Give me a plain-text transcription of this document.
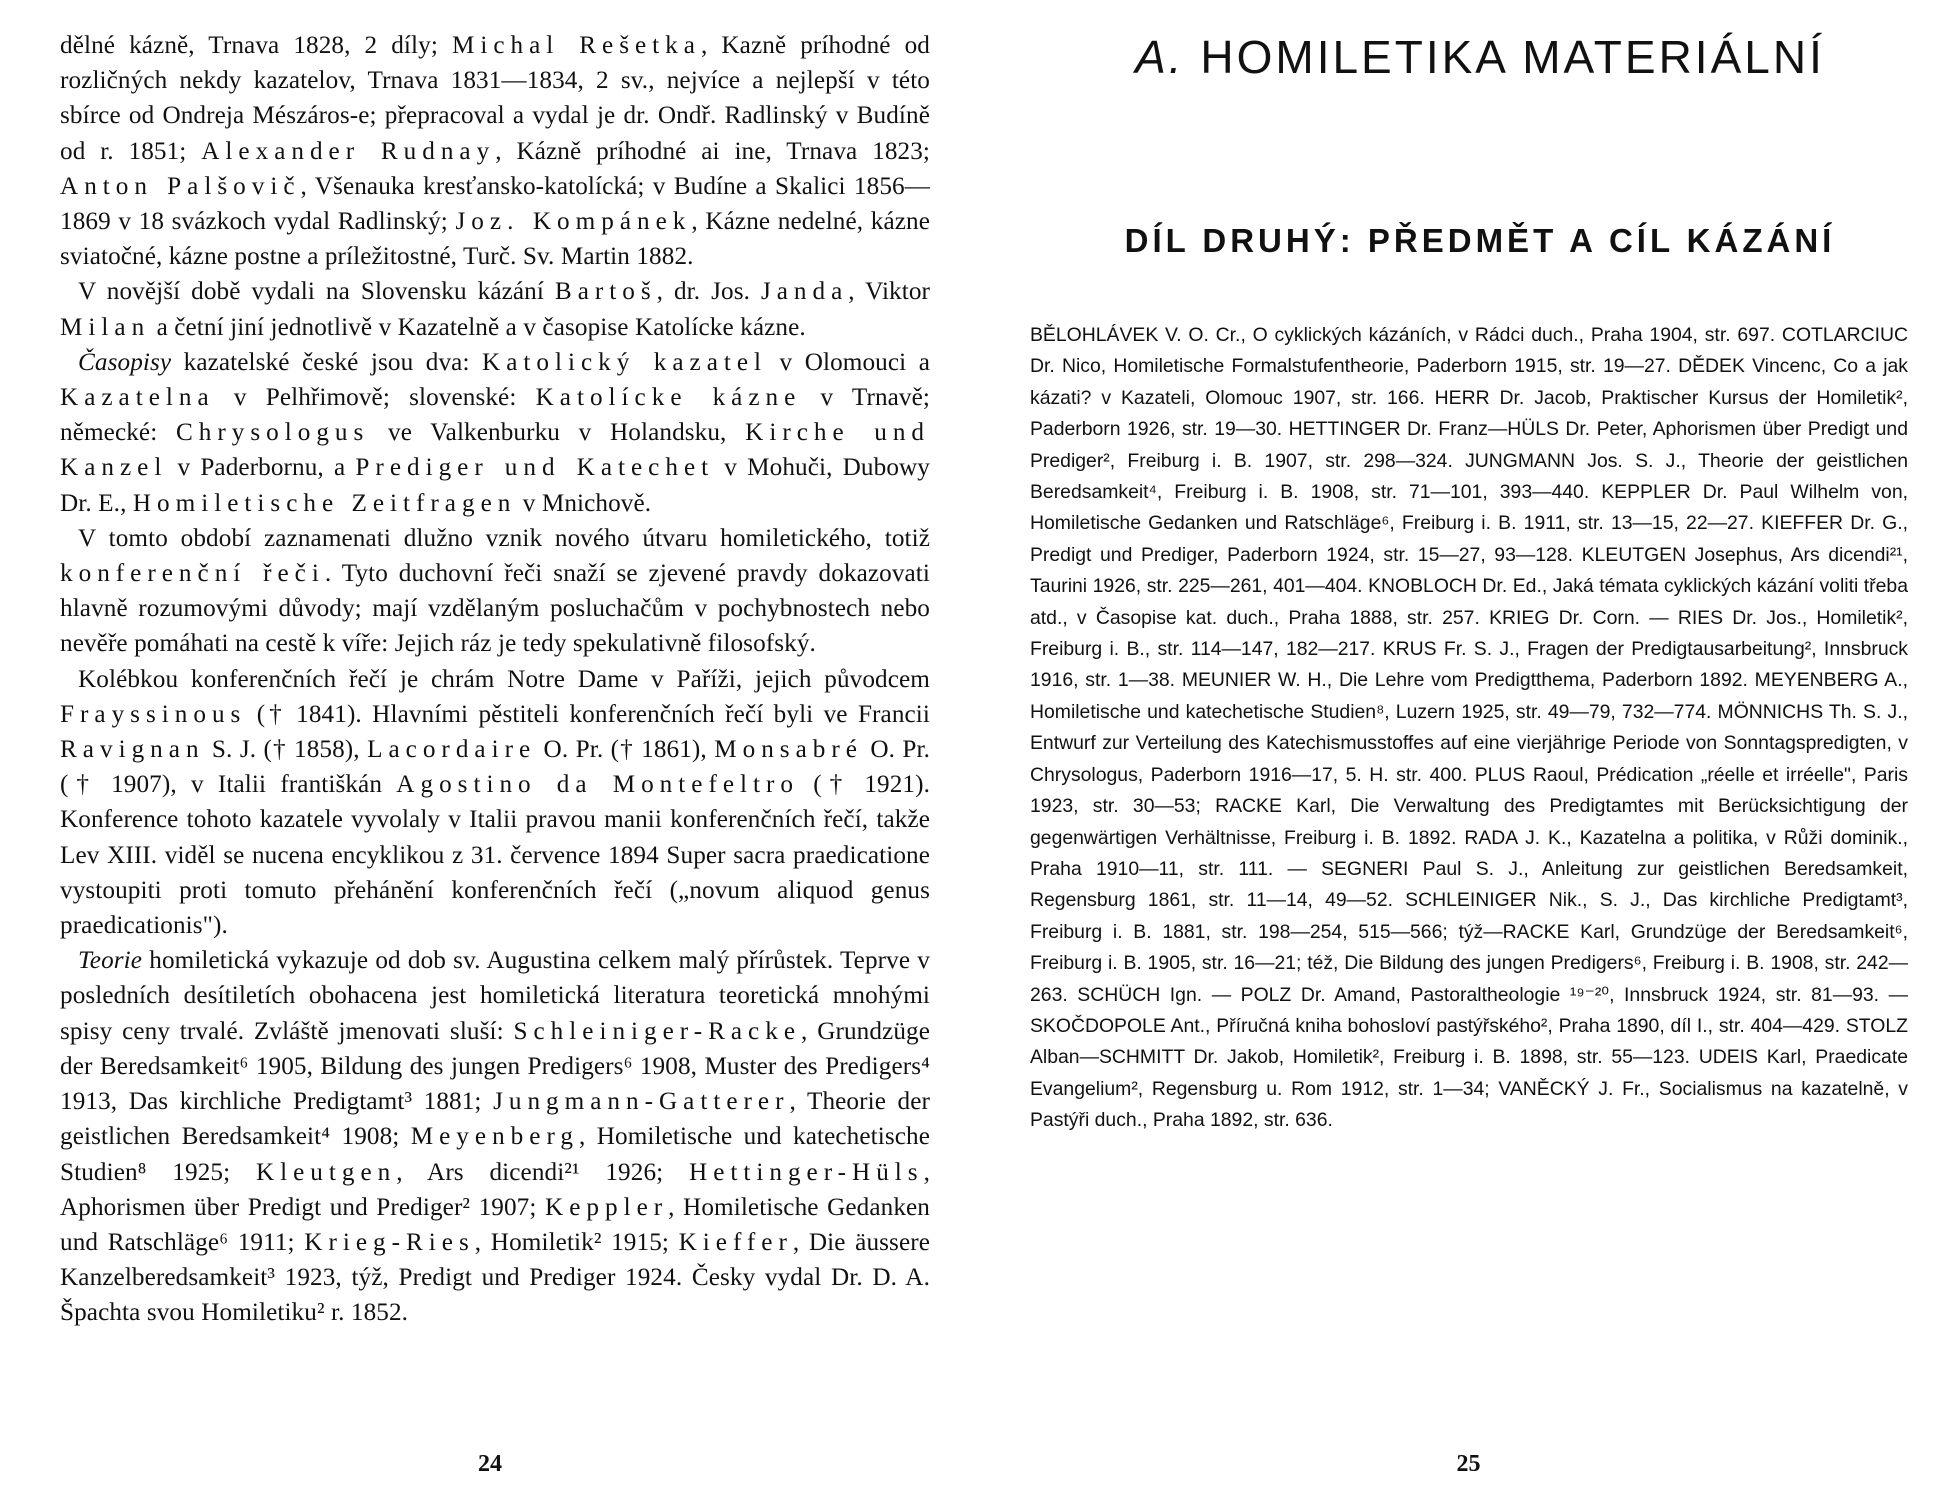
dělné kázně, Trnava 1828, 2 díly; Michal Rešetka, Kazně príhodné od rozličných nekdy kazatelov, Trnava 1831—1834, 2 sv., nejvíce a nejlepší v této sbírce od Ondreja Mészáros-e; přepracoval a vydal je dr. Ondř. Radlinský v Budíně od r. 1851; Alexander Rudnay, Kázně príhodné ai ine, Trnava 1823; Anton Palšovič, Všenauka kresťansko-katolícká; v Budíne a Skalici 1856—1869 v 18 svázkoch vydal Radlinský; Joz. Kompánek, Kázne nedelné, kázne sviatočné, kázne postne a príležitostné, Turč. Sv. Martin 1882.

V novější době vydali na Slovensku kázání Bartoš, dr. Jos. Janda, Viktor Milan a četní jiní jednotlivě v Kazatelně a v časopise Katolícke kázne.

Časopisy kazatelské české jsou dva: Katolický kazatel v Olomouci a Kazatelna v Pelhřimově; slovenské: Katolícke kázne v Trnavě; německé: Chrysologus ve Valkenburku v Holandsku, Kirche und Kanzel v Paderbornu, a Prediger und Katechet v Mohuči, Dubowy Dr. E., Homiletische Zeitfragen v Mnichově.

V tomto období zaznamenati dlužno vznik nového útvaru homiletického, totiž konferenční řeči. Tyto duchovní řeči snaží se zjevené pravdy dokazovati hlavně rozumovými důvody; mají vzdělaným posluchačům v pochybnostech nebo nevěře pomáhati na cestě k víře: Jejich ráz je tedy spekulativně filosofský.

Kolébkou konferenčních řečí je chrám Notre Dame v Paříži, jejich původcem Frayssinous († 1841). Hlavními pěstiteli konferenčních řečí byli ve Francii Ravignan S. J. († 1858), Lacordaire O. Pr. († 1861), Monsabré O. Pr. († 1907), v Italii františkán Agostino da Montefeltro († 1921). Konference tohoto kazatele vyvolaly v Italii pravou manii konferenčních řečí, takže Lev XIII. viděl se nucena encyklikou z 31. července 1894 Super sacra praedicatione vystoupiti proti tomuto přehánění konferenčních řečí („novum aliquod genus praedicationis").

Teorie homiletická vykazuje od dob sv. Augustina celkem malý přírůstek. Teprve v posledních desítiletích obohacena jest homiletická literatura teoretická mnohými spisy ceny trvalé. Zvláště jmenovati sluší: Schleiniger-Racke, Grundzüge der Beredsamkeit⁶ 1905, Bildung des jungen Predigers⁶ 1908, Muster des Predigers⁴ 1913, Das kirchliche Predigtamt³ 1881; Jungmann-Gatterer, Theorie der geistlichen Beredsamkeit⁴ 1908; Meyenberg, Homiletische und katechetische Studien⁸ 1925; Kleutgen, Ars dicendi²¹ 1926; Hettinger-Hüls, Aphorismen über Predigt und Prediger² 1907; Keppler, Homiletische Gedanken und Ratschläge⁶ 1911; Krieg-Ries, Homiletik² 1915; Kieffer, Die äussere Kanzelberedsamkeit³ 1923, týž, Predigt und Prediger 1924. Česky vydal Dr. D. A. Špachta svou Homiletiku² r. 1852.

24
A. HOMILETIKA MATERIÁLNÍ
DÍL DRUHÝ: PŘEDMĚT A CÍL KÁZÁNÍ
BĚLOHLÁVEK V. O. Cr., O cyklických kázáních, v Rádci duch., Praha 1904, str. 697. COTLARCIUC Dr. Nico, Homiletische Formalstufentheorie, Paderborn 1915, str. 19—27. DĚDEK Vincenc, Co a jak kázati? v Kazateli, Olomouc 1907, str. 166. HERR Dr. Jacob, Praktischer Kursus der Homiletik², Paderborn 1926, str. 19—30. HETTINGER Dr. Franz—HÜLS Dr. Peter, Aphorismen über Predigt und Prediger², Freiburg i. B. 1907, str. 298—324. JUNGMANN Jos. S. J., Theorie der geistlichen Beredsamkeit⁴, Freiburg i. B. 1908, str. 71—101, 393—440. KEPPLER Dr. Paul Wilhelm von, Homiletische Gedanken und Ratschläge⁶, Freiburg i. B. 1911, str. 13—15, 22—27. KIEFFER Dr. G., Predigt und Prediger, Paderborn 1924, str. 15—27, 93—128. KLEUTGEN Josephus, Ars dicendi²¹, Taurini 1926, str. 225—261, 401—404. KNOBLOCH Dr. Ed., Jaká témata cyklických kázání voliti třeba atd., v Časopise kat. duch., Praha 1888, str. 257. KRIEG Dr. Corn. — RIES Dr. Jos., Homiletik², Freiburg i. B., str. 114—147, 182—217. KRUS Fr. S. J., Fragen der Predigtausarbeitung², Innsbruck 1916, str. 1—38. MEUNIER W. H., Die Lehre vom Predigtthema, Paderborn 1892. MEYENBERG A., Homiletische und katechetische Studien⁸, Luzern 1925, str. 49—79, 732—774. MÖNNICHS Th. S. J., Entwurf zur Verteilung des Katechismusstoffes auf eine vierjährige Periode von Sonntagspredigten, v Chrysologus, Paderborn 1916—17, 5. H. str. 400. PLUS Raoul, Prédication „réelle et irréelle", Paris 1923, str. 30—53; RACKE Karl, Die Verwaltung des Predigtamtes mit Berücksichtigung der gegenwärtigen Verhältnisse, Freiburg i. B. 1892. RADA J. K., Kazatelna a politika, v Růži dominik., Praha 1910—11, str. 111. — SEGNERI Paul S. J., Anleitung zur geistlichen Beredsamkeit, Regensburg 1861, str. 11—14, 49—52. SCHLEINIGER Nik., S. J., Das kirchliche Predigtamt³, Freiburg i. B. 1881, str. 198—254, 515—566; týž—RACKE Karl, Grundzüge der Beredsamkeit⁶, Freiburg i. B. 1905, str. 16—21; též, Die Bildung des jungen Predigers⁶, Freiburg i. B. 1908, str. 242—263. SCHÜCH Ign. — POLZ Dr. Amand, Pastoraltheologie ¹⁹⁻²⁰, Innsbruck 1924, str. 81—93. — SKOČDOPOLE Ant., Příručná kniha bohosloví pastýřského², Praha 1890, díl I., str. 404—429. STOLZ Alban—SCHMITT Dr. Jakob, Homiletik², Freiburg i. B. 1898, str. 55—123. UDEIS Karl, Praedicate Evangelium², Regensburg u. Rom 1912, str. 1—34; VANĚCKÝ J. Fr., Socialismus na kazatelně, v Pastýři duch., Praha 1892, str. 636.
25
